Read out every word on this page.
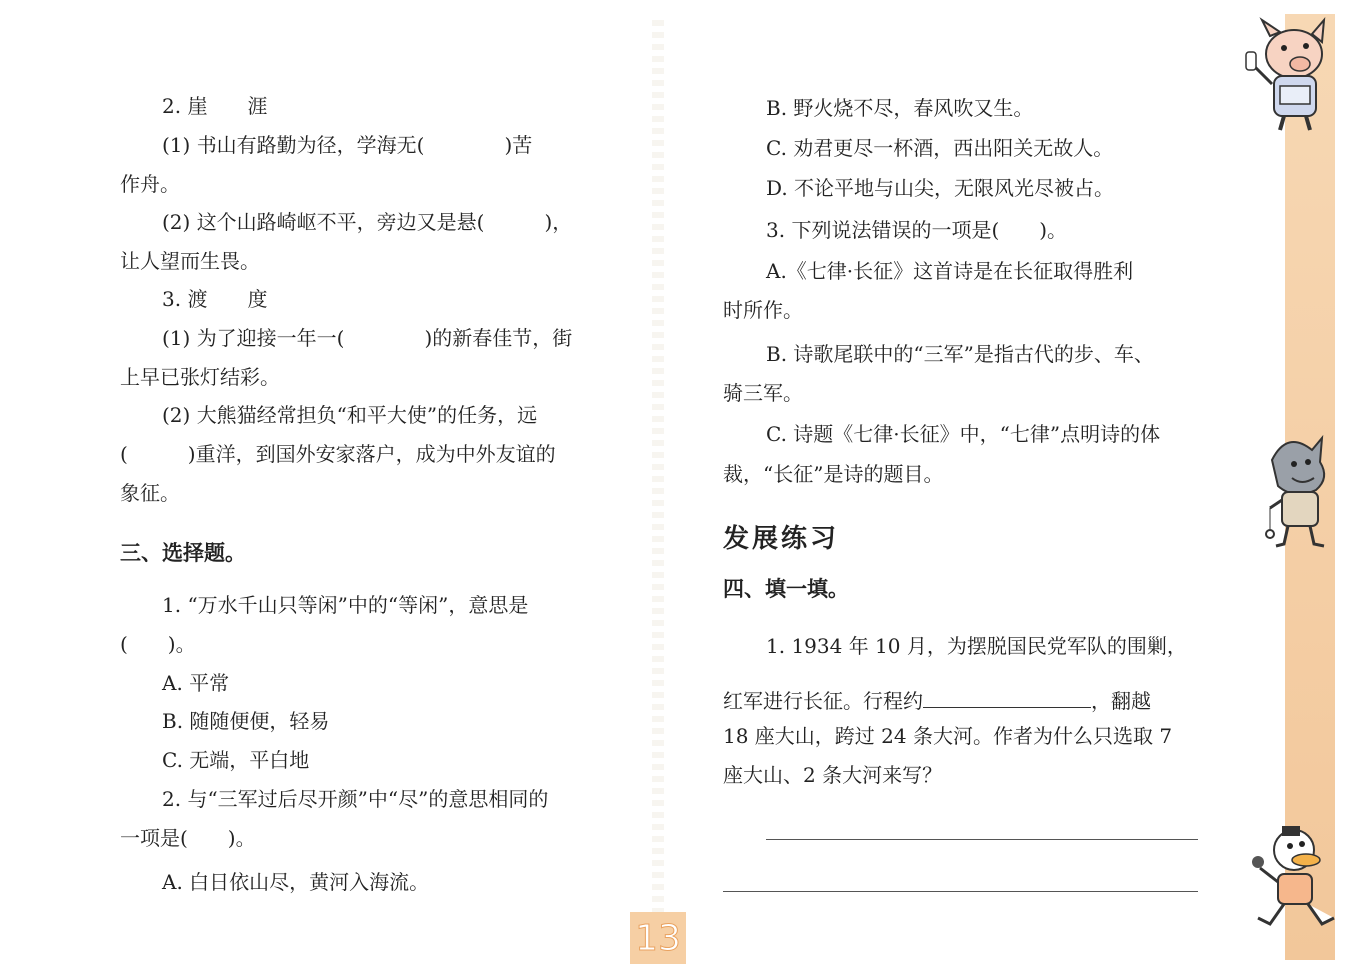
2. 崖　　涯
(1) 书山有路勤为径，学海无(　　　　)苦
作舟。
(2) 这个山路崎岖不平，旁边又是悬(　　　)，
让人望而生畏。
3. 渡　　度
(1) 为了迎接一年一(　　　　)的新春佳节，街
上早已张灯结彩。
(2) 大熊猫经常担负“和平大使”的任务，远
(　　　)重洋，到国外安家落户，成为中外友谊的
象征。
三、选择题。
1. “万水千山只等闲”中的“等闲”，意思是
(　　)。
A. 平常
B. 随随便便，轻易
C. 无端，平白地
2. 与“三军过后尽开颜”中“尽”的意思相同的
一项是(　　)。
A. 白日依山尽，黄河入海流。
B. 野火烧不尽，春风吹又生。
C. 劝君更尽一杯酒，西出阳关无故人。
D. 不论平地与山尖，无限风光尽被占。
3. 下列说法错误的一项是(　　)。
A.《七律·长征》这首诗是在长征取得胜利
时所作。
B. 诗歌尾联中的“三军”是指古代的步、车、
骑三军。
C. 诗题《七律·长征》中，“七律”点明诗的体
裁，“长征”是诗的题目。
发展练习
四、填一填。
1. 1934 年 10 月，为摆脱国民党军队的围剿，
红军进行长征。行程约	，翻越
18 座大山，跨过 24 条大河。作者为什么只选取 7
座大山、2 条大河来写？
13
